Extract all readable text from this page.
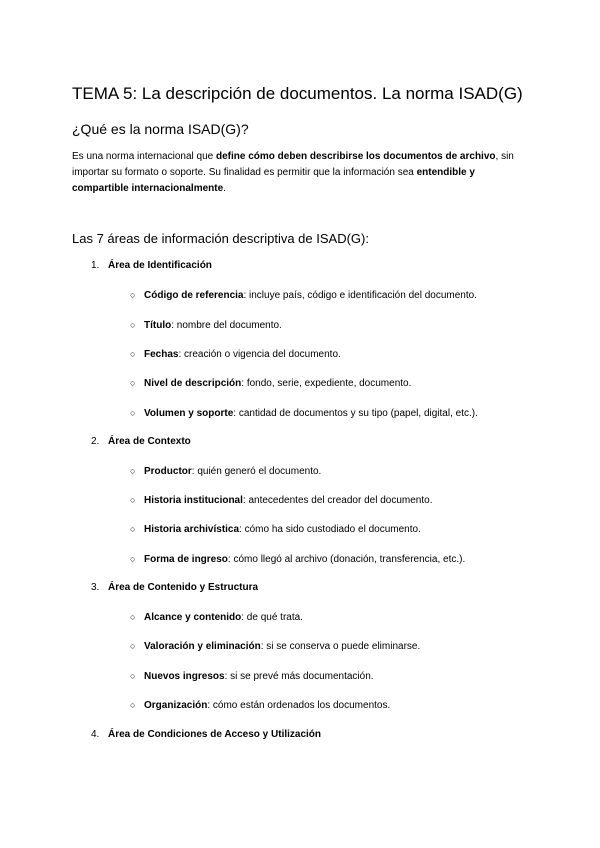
TEMA 5: La descripción de documentos. La norma ISAD(G)
¿Qué es la norma ISAD(G)?
Es una norma internacional que define cómo deben describirse los documentos de archivo, sin importar su formato o soporte. Su finalidad es permitir que la información sea entendible y compartible internacionalmente.
Las 7 áreas de información descriptiva de ISAD(G):
1. Área de Identificación
○ Código de referencia: incluye país, código e identificación del documento.
○ Título: nombre del documento.
○ Fechas: creación o vigencia del documento.
○ Nivel de descripción: fondo, serie, expediente, documento.
○ Volumen y soporte: cantidad de documentos y su tipo (papel, digital, etc.).
2. Área de Contexto
○ Productor: quién generó el documento.
○ Historia institucional: antecedentes del creador del documento.
○ Historia archivística: cómo ha sido custodiado el documento.
○ Forma de ingreso: cómo llegó al archivo (donación, transferencia, etc.).
3. Área de Contenido y Estructura
○ Alcance y contenido: de qué trata.
○ Valoración y eliminación: si se conserva o puede eliminarse.
○ Nuevos ingresos: si se prevé más documentación.
○ Organización: cómo están ordenados los documentos.
4. Área de Condiciones de Acceso y Utilización
